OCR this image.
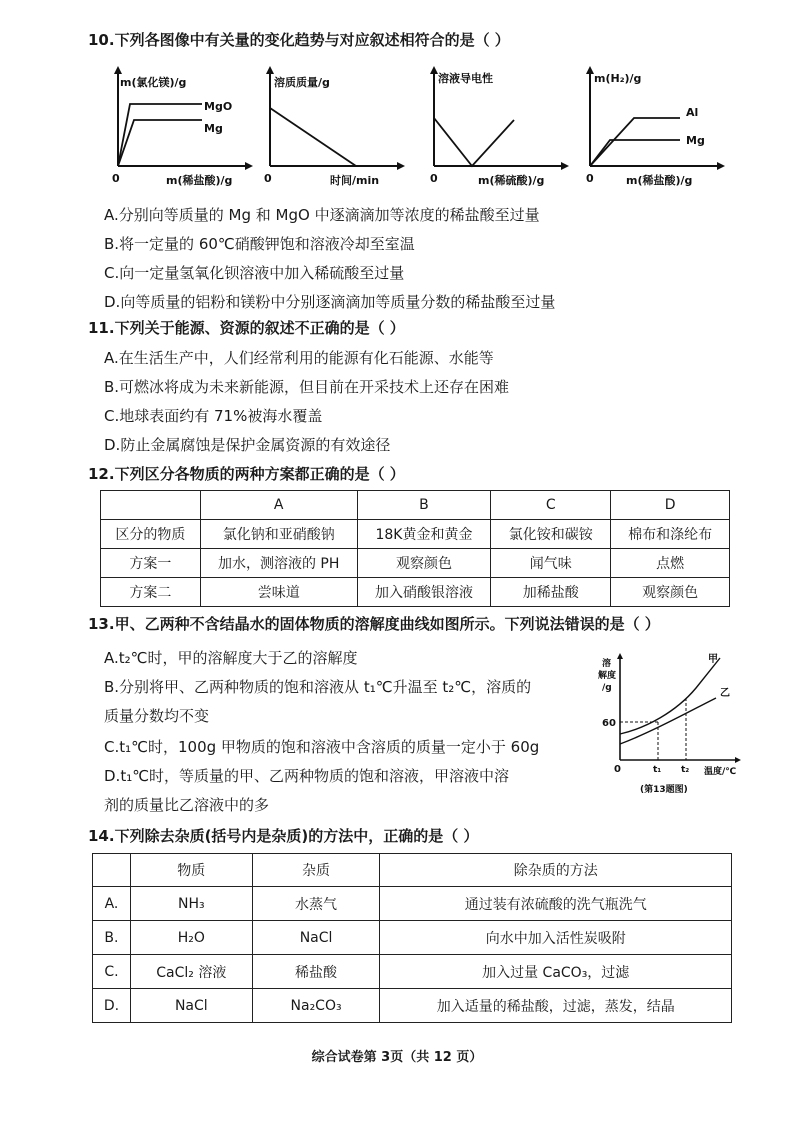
10.下列各图像中有关量的变化趋势与对应叙述相符合的是（ ）
m(氯化镁)/g
MgO
Mg
0	m(稀盐酸)/g
溶质质量/g
0	时间/min
溶液导电性
0	m(稀硫酸)/g
m(H₂)/g
Al
Mg
0	m(稀盐酸)/g
A.分别向等质量的 Mg 和 MgO 中逐滴滴加等浓度的稀盐酸至过量
B.将一定量的 60℃硝酸钾饱和溶液冷却至室温
C.向一定量氢氧化钡溶液中加入稀硫酸至过量
D.向等质量的铝粉和镁粉中分别逐滴滴加等质量分数的稀盐酸至过量
11.下列关于能源、资源的叙述不正确的是（ ）
A.在生活生产中，人们经常利用的能源有化石能源、水能等
B.可燃冰将成为未来新能源，但目前在开采技术上还存在困难
C.地球表面约有 71%被海水覆盖
D.防止金属腐蚀是保护金属资源的有效途径
12.下列区分各物质的两种方案都正确的是（ ）
	A	B	C	D
区分的物质	氯化钠和亚硝酸钠	18K黄金和黄金	氯化铵和碳铵	棉布和涤纶布
方案一	加水，测溶液的 PH	观察颜色	闻气味	点燃
方案二	尝味道	加入硝酸银溶液	加稀盐酸	观察颜色
13.甲、乙两种不含结晶水的固体物质的溶解度曲线如图所示。下列说法错误的是（ ）
A.t₂℃时，甲的溶解度大于乙的溶解度
B.分别将甲、乙两种物质的饱和溶液从 t₁℃升温至 t₂℃，溶质的
质量分数均不变
C.t₁℃时，100g 甲物质的饱和溶液中含溶质的质量一定小于 60g
D.t₁℃时，等质量的甲、乙两种物质的饱和溶液，甲溶液中溶
剂的质量比乙溶液中的多
溶
解度
/g
60
0	t₁ t₂ 温度/℃
甲
乙
(第13题图)
14.下列除去杂质(括号内是杂质)的方法中，正确的是（ ）
	物质	杂质	除杂质的方法
A.	NH₃	水蒸气	通过装有浓硫酸的洗气瓶洗气
B.	H₂O	NaCl	向水中加入活性炭吸附
C.	CaCl₂ 溶液	稀盐酸	加入过量 CaCO₃，过滤
D.	NaCl	Na₂CO₃	加入适量的稀盐酸，过滤，蒸发，结晶
综合试卷第 3页（共 12 页）
